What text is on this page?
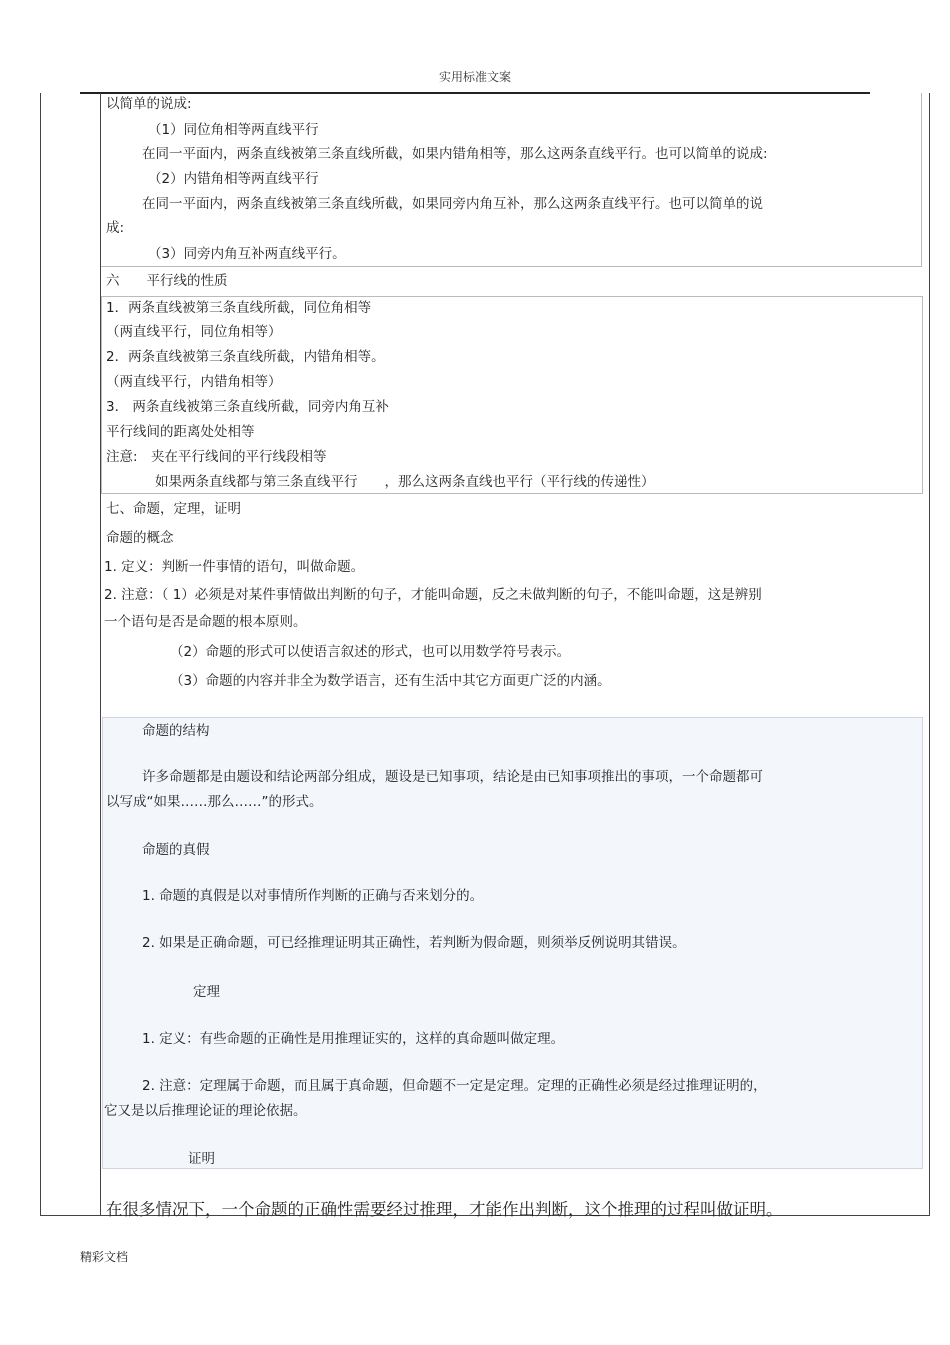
实用标准文案
以简单的说成:
（1）同位角相等两直线平行
在同一平面内，两条直线被第三条直线所截，如果内错角相等，那么这两条直线平行。也可以简单的说成:
（2）内错角相等两直线平行
在同一平面内，两条直线被第三条直线所截，如果同旁内角互补，那么这两条直线平行。也可以简单的说
成:
（3）同旁内角互补两直线平行。
六　　平行线的性质
1．两条直线被第三条直线所截，同位角相等
（两直线平行，同位角相等）
2．两条直线被第三条直线所截，内错角相等。
（两直线平行，内错角相等）
3． 两条直线被第三条直线所截，同旁内角互补
平行线间的距离处处相等
注意:　夹在平行线间的平行线段相等
如果两条直线都与第三条直线平行　　，那么这两条直线也平行（平行线的传递性）
七、命题，定理，证明
命题的概念
1. 定义：判断一件事情的语句，叫做命题。
2. 注意：（ 1）必须是对某件事情做出判断的句子，才能叫命题，反之未做判断的句子，不能叫命题，这是辨别
一个语句是否是命题的根本原则。
（2）命题的形式可以使语言叙述的形式，也可以用数学符号表示。
（3）命题的内容并非全为数学语言，还有生活中其它方面更广泛的内涵。
命题的结构
许多命题都是由题设和结论两部分组成，题设是已知事项，结论是由已知事项推出的事项，一个命题都可
以写成“如果……那么……”的形式。
命题的真假
1. 命题的真假是以对事情所作判断的正确与否来划分的。
2. 如果是正确命题，可已经推理证明其正确性，若判断为假命题，则须举反例说明其错误。
定理
1. 定义：有些命题的正确性是用推理证实的，这样的真命题叫做定理。
2. 注意：定理属于命题，而且属于真命题，但命题不一定是定理。定理的正确性必须是经过推理证明的，
它又是以后推理论证的理论依据。
证明
在很多情况下，一个命题的正确性需要经过推理，才能作出判断，这个推理的过程叫做证明。
精彩文档
